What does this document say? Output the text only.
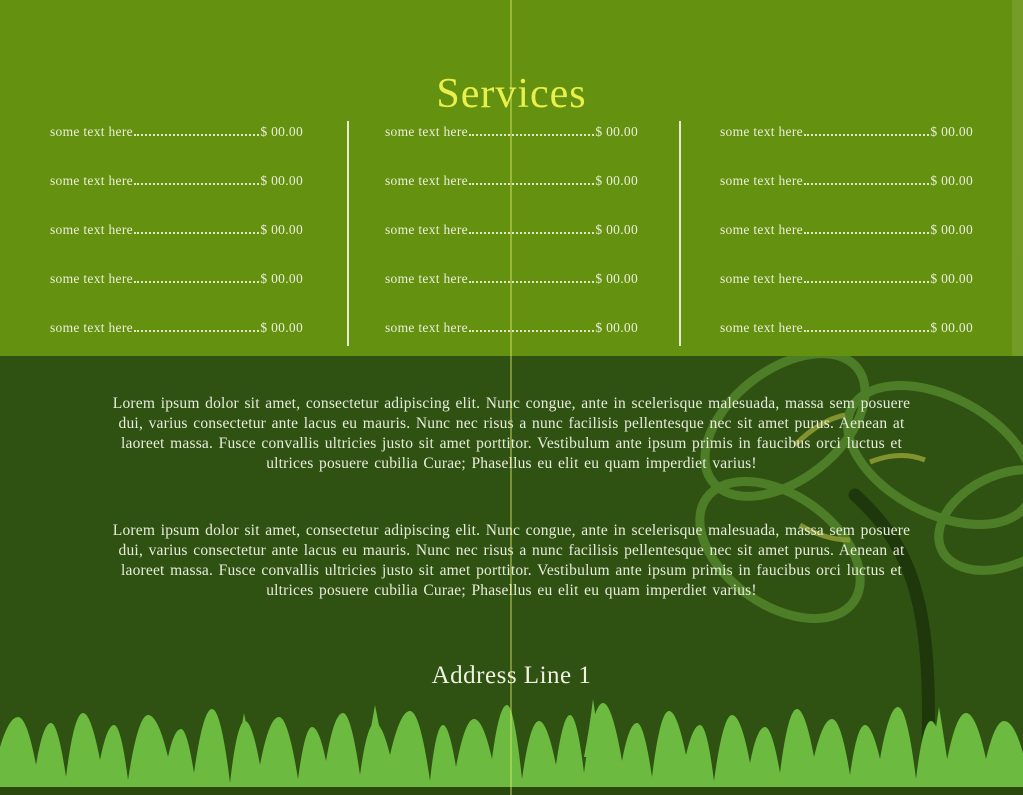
Services
some text here	$ 00.00
some text here	$ 00.00
some text here	$ 00.00
some text here	$ 00.00
some text here	$ 00.00
some text here	$ 00.00
some text here	$ 00.00
some text here	$ 00.00
some text here	$ 00.00
some text here	$ 00.00
some text here	$ 00.00
some text here	$ 00.00
some text here	$ 00.00
some text here	$ 00.00
some text here	$ 00.00

Lorem ipsum dolor sit amet, consectetur adipiscing elit. Nunc congue, ante in scelerisque malesuada, massa sem posuere dui, varius consectetur ante lacus eu mauris. Nunc nec risus a nunc facilisis pellentesque nec sit amet purus. Aenean at laoreet massa. Fusce convallis ultricies justo sit amet porttitor. Vestibulum ante ipsum primis in faucibus orci luctus et ultrices posuere cubilia Curae; Phasellus eu elit eu quam imperdiet varius!

Lorem ipsum dolor sit amet, consectetur adipiscing elit. Nunc congue, ante in scelerisque malesuada, massa sem posuere dui, varius consectetur ante lacus eu mauris. Nunc nec risus a nunc facilisis pellentesque nec sit amet purus. Aenean at laoreet massa. Fusce convallis ultricies justo sit amet porttitor. Vestibulum ante ipsum primis in faucibus orci luctus et ultrices posuere cubilia Curae; Phasellus eu elit eu quam imperdiet varius!

Address Line 1
